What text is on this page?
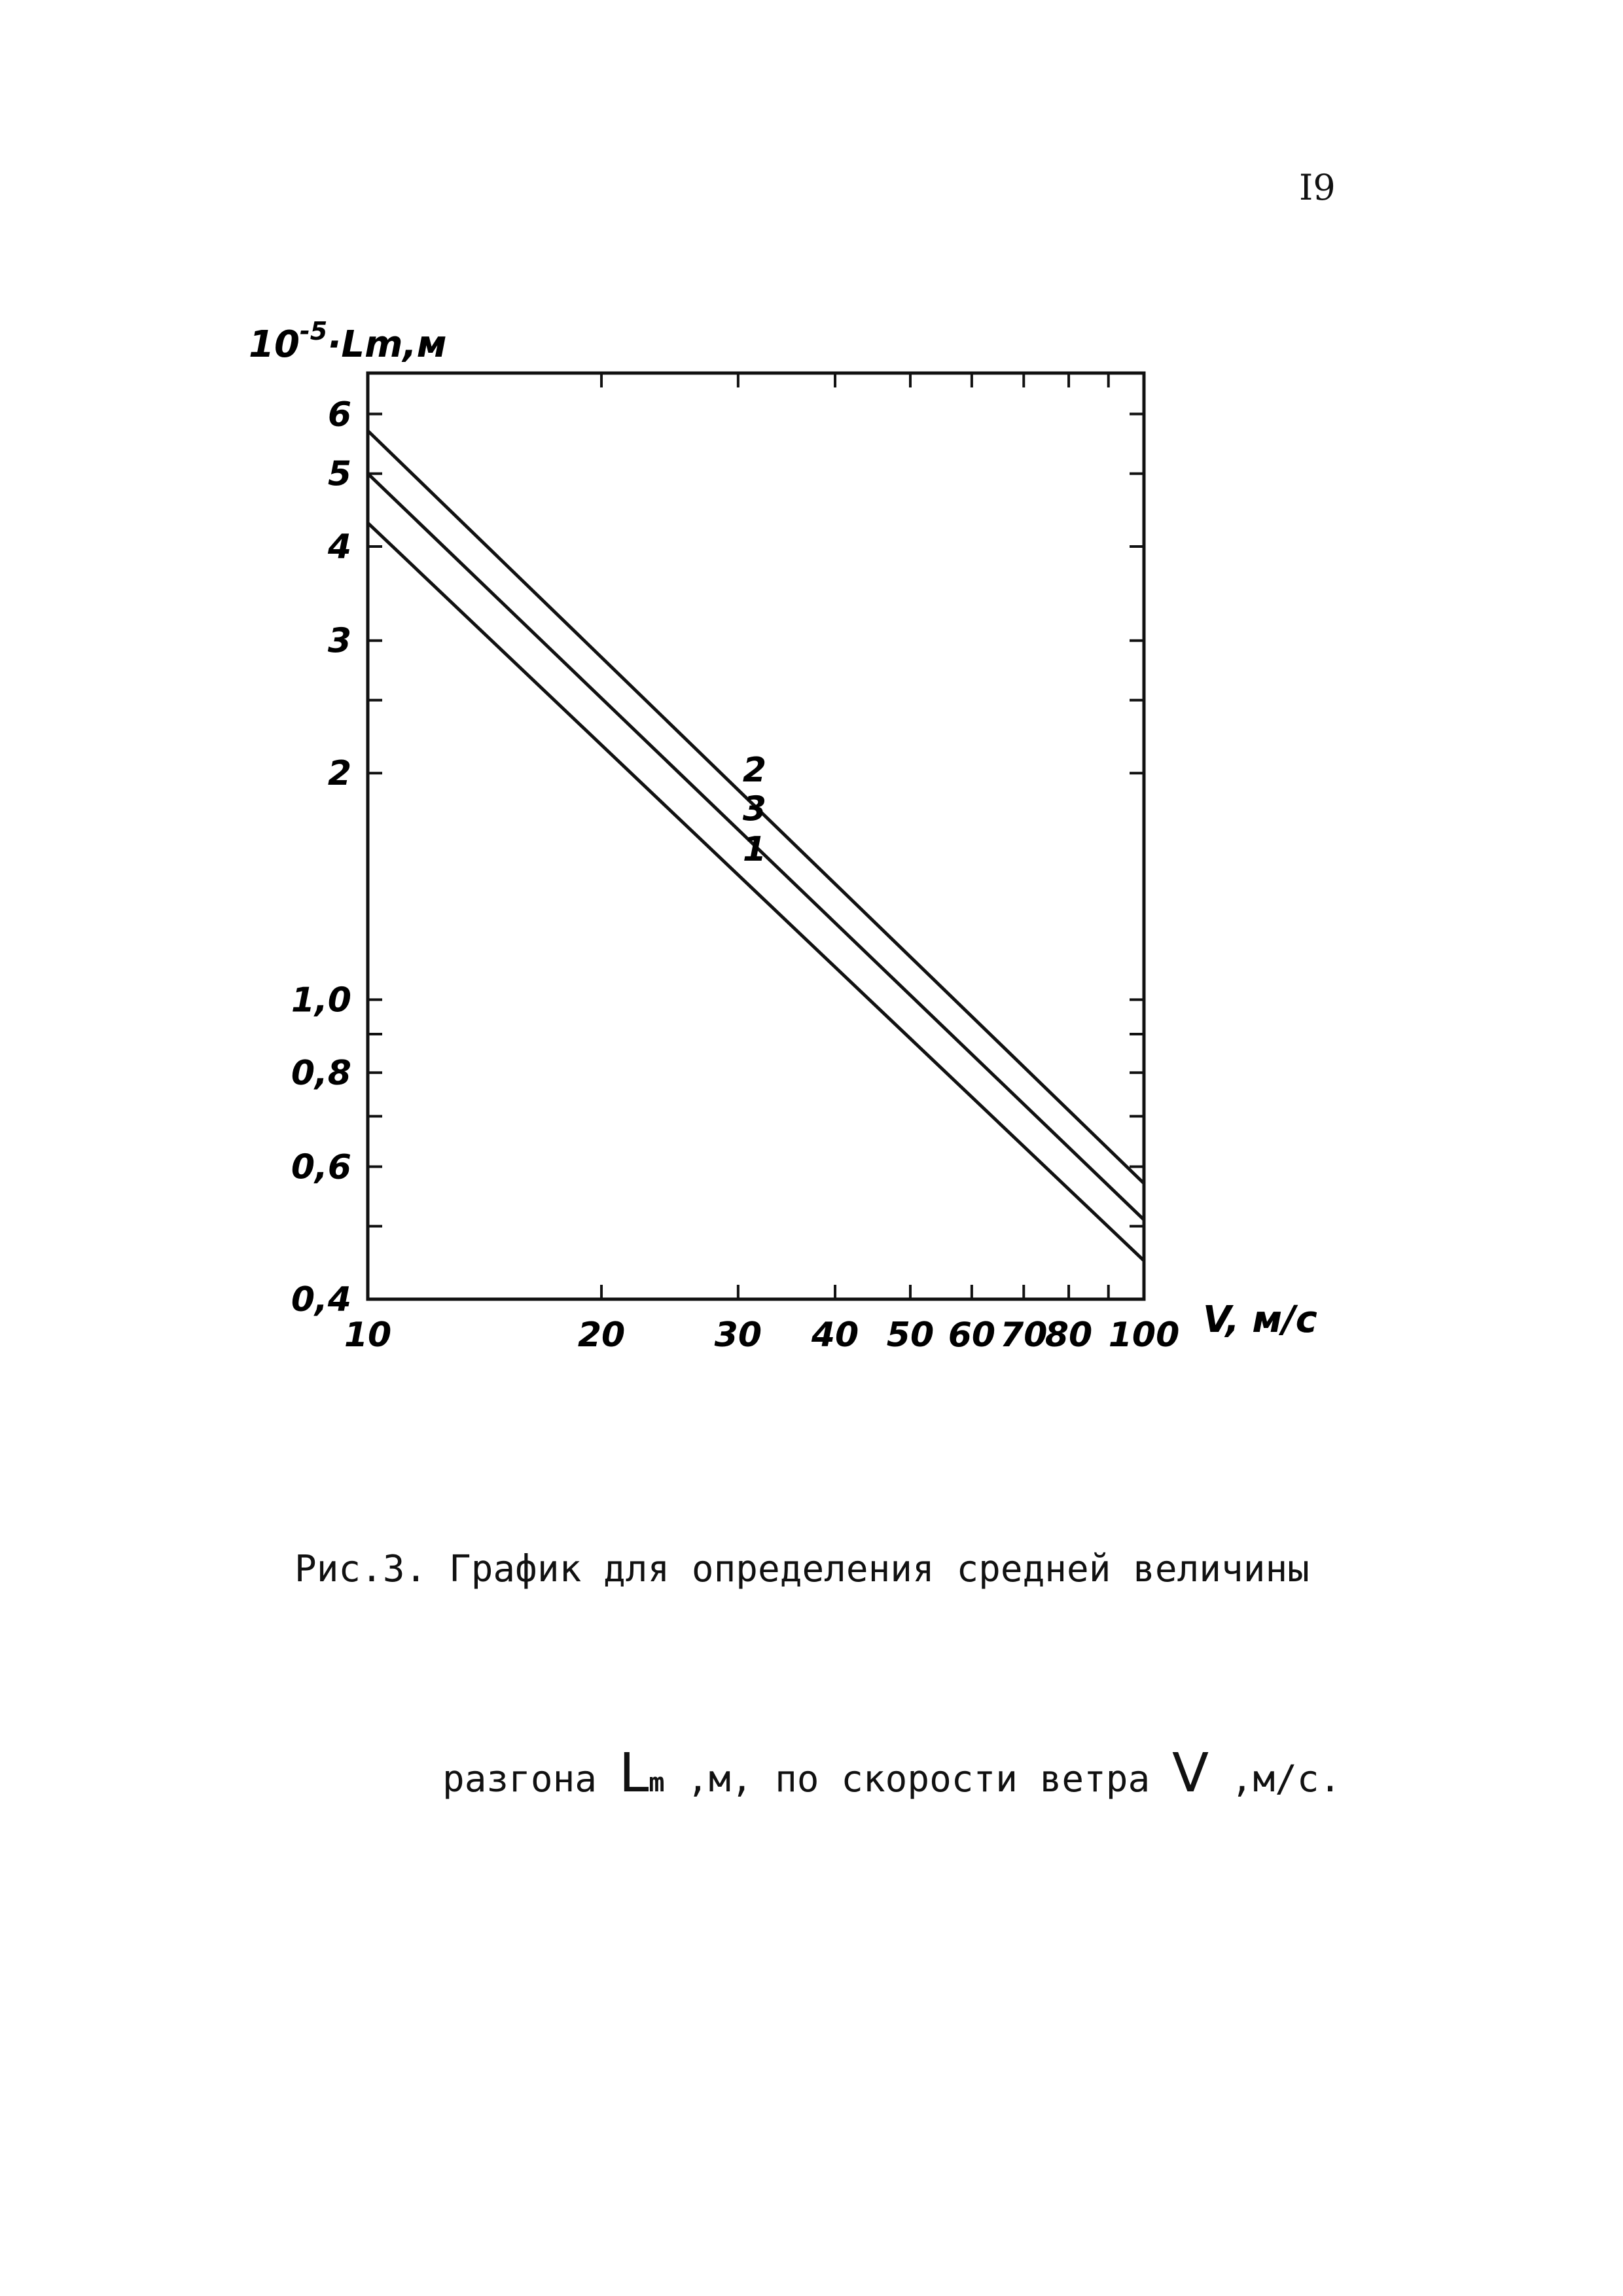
I9
10	20	30 40 50 60 70
80 100
0,4
0,6
0,8
1,0
2
3
4
5
6
2
3
1
$10^{-5}\cdot Lm,м$
V, м/с

Рис.3. График для определения средней величины

разгона Lm ,м, по скорости ветра V ,м/с.
